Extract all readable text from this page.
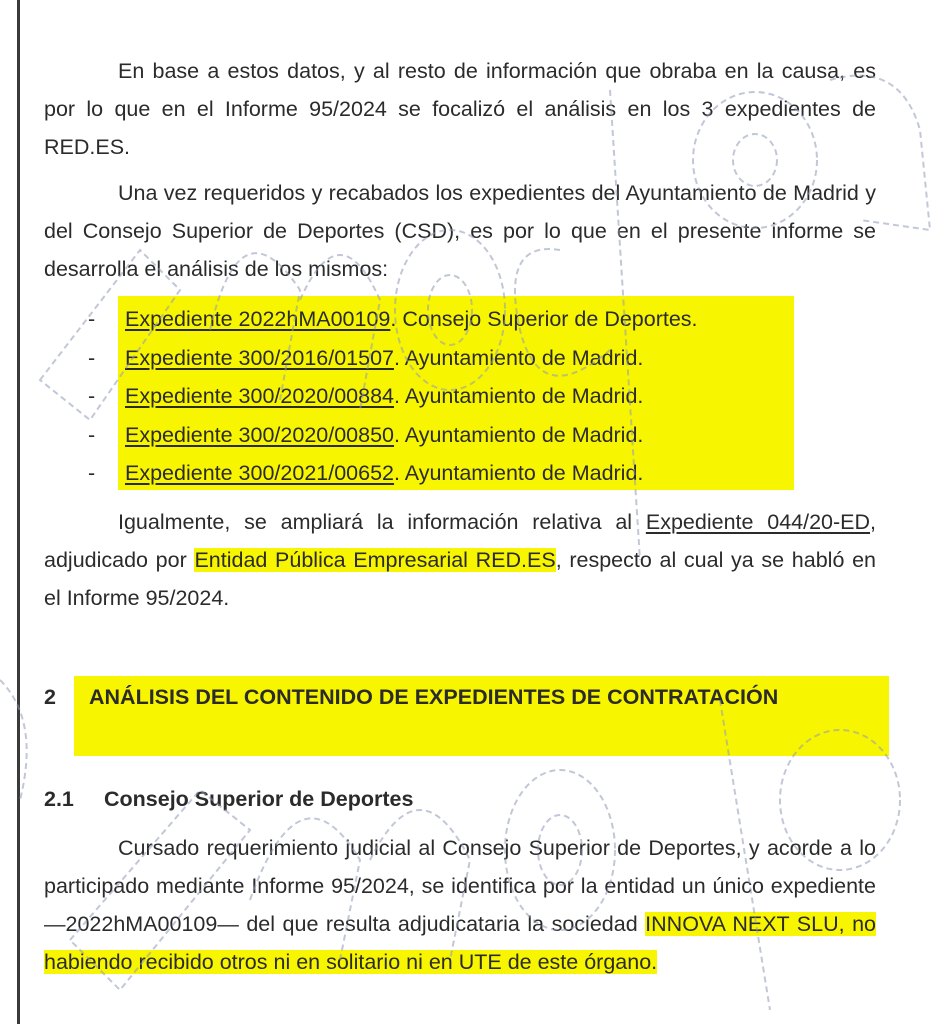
En base a estos datos, y al resto de información que obraba en la causa, es por lo que en el Informe 95/2024 se focalizó el análisis en los 3 expedientes de RED.ES.

Una vez requeridos y recabados los expedientes del Ayuntamiento de Madrid y del Consejo Superior de Deportes (CSD), es por lo que en el presente informe se desarrolla el análisis de los mismos:

-	Expediente 2022hMA00109. Consejo Superior de Deportes.
-	Expediente 300/2016/01507. Ayuntamiento de Madrid.
-	Expediente 300/2020/00884. Ayuntamiento de Madrid.
-	Expediente 300/2020/00850. Ayuntamiento de Madrid.
-	Expediente 300/2021/00652. Ayuntamiento de Madrid.

Igualmente, se ampliará la información relativa al Expediente 044/20-ED, adjudicado por Entidad Pública Empresarial RED.ES, respecto al cual ya se habló en el Informe 95/2024.

2 ANÁLISIS DEL CONTENIDO DE EXPEDIENTES DE CONTRATACIÓN
2.1 Consejo Superior de Deportes

Cursado requerimiento judicial al Consejo Superior de Deportes, y acorde a lo participado mediante Informe 95/2024, se identifica por la entidad un único expediente —2022hMA00109— del que resulta adjudicataria la sociedad INNOVA NEXT SLU, no habiendo recibido otros ni en solitario ni en UTE de este órgano.
